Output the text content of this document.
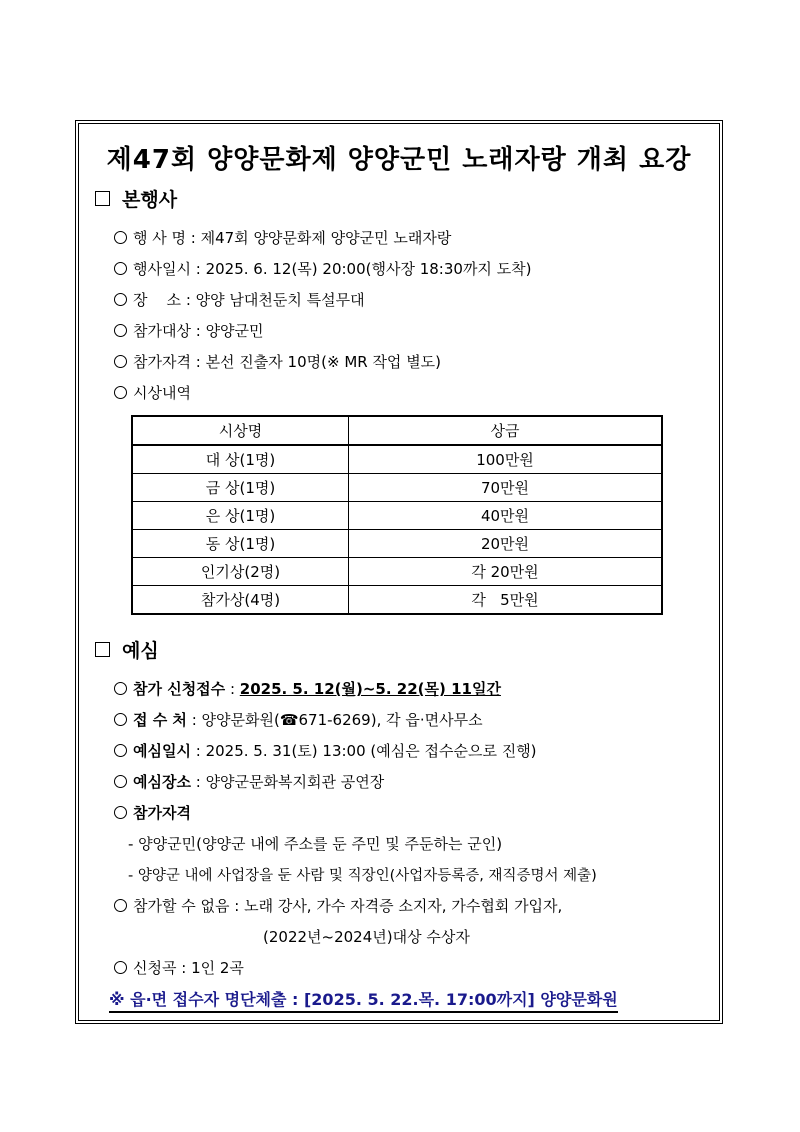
제47회 양양문화제 양양군민 노래자랑 개최 요강
본행사
행 사 명 : 제47회 양양문화제 양양군민 노래자랑
행사일시 : 2025. 6. 12(목) 20:00(행사장 18:30까지 도착)
장    소 : 양양 남대천둔치 특설무대
참가대상 : 양양군민
참가자격 : 본선 진출자 10명(※ MR 작업 별도)
시상내역
시상명	상금
대 상(1명)	100만원
금 상(1명)	70만원
은 상(1명)	40만원
동 상(1명)	20만원
인기상(2명)	각 20만원
참가상(4명)	각   5만원
예심
참가 신청접수 : 2025. 5. 12(월)~5. 22(목) 11일간
접 수 처 : 양양문화원(☎671-6269), 각 읍·면사무소
예심일시 : 2025. 5. 31(토) 13:00 (예심은 접수순으로 진행)
예심장소 : 양양군문화복지회관 공연장
참가자격
- 양양군민(양양군 내에 주소를 둔 주민 및 주둔하는 군인)
- 양양군 내에 사업장을 둔 사람 및 직장인(사업자등록증, 재직증명서 제출)
참가할 수 없음 : 노래 강사, 가수 자격증 소지자, 가수협회 가입자,
(2022년~2024년)대상 수상자
신청곡 : 1인 2곡
※ 읍·면 접수자 명단체출 : [2025. 5. 22.목. 17:00까지] 양양문화원
